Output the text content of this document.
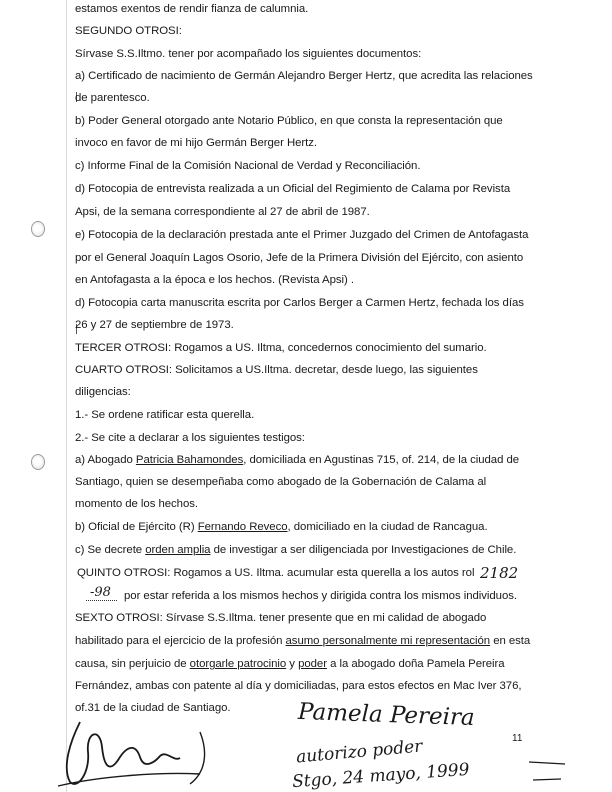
estamos exentos de rendir fianza de calumnia.
SEGUNDO OTROSI:
Sírvase S.S.Iltmo. tener por acompañado los siguientes documentos:
a) Certificado de nacimiento de Germán Alejandro Berger Hertz, que acredita las relaciones
de parentesco.
b) Poder General otorgado ante Notario Público, en que consta la representación que
invoco en favor de mi hijo Germán Berger Hertz.
c) Informe Final de la Comisión Nacional de Verdad y Reconciliación.
d) Fotocopia de entrevista realizada a un Oficial del Regimiento de Calama por Revista
Apsi, de la semana correspondiente al 27 de abril de 1987.
e) Fotocopia de la declaración prestada ante el Primer Juzgado del Crimen de Antofagasta
por el General Joaquín Lagos Osorio, Jefe de la Primera División del Ejército, con asiento
en Antofagasta a la época e los hechos. (Revista Apsi) .
d) Fotocopia carta manuscrita escrita por Carlos Berger a Carmen Hertz, fechada los días
26 y 27 de septiembre de 1973.
TERCER OTROSI: Rogamos a US. Iltma, concedernos conocimiento del sumario.
CUARTO OTROSI: Solicitamos a US.Iltma. decretar, desde luego, las siguientes
diligencias:
1.- Se ordene ratificar esta querella.
2.- Se cite a declarar a los siguientes testigos:
a) Abogado Patricia Bahamondes, domiciliada en Agustinas 715, of. 214, de la ciudad de
Santiago, quien se desempeñaba como abogado de la Gobernación de Calama al
momento de los hechos.
b) Oficial de Ejército (R) Fernando Reveco, domiciliado en la ciudad de Rancagua.
c) Se decrete orden amplia de investigar a ser diligenciada por Investigaciones de Chile.
QUINTO OTROSI: Rogamos a US. Iltma. acumular esta querella a los autos rol
por estar referida a los mismos hechos y dirigida contra los mismos individuos.
SEXTO OTROSI: Sírvase S.S.Iltma. tener presente que en mi calidad de abogado
habilitado para el ejercicio de la profesión asumo personalmente mi representación en esta
causa, sin perjuicio de otorgarle patrocinio y poder a la abogado doña Pamela Pereira
Fernández, ambas con patente al día y domiciliadas, para estos efectos en Mac Iver 376,
of.31 de la ciudad de Santiago.
2182
-98
Pamela Pereira
autorizo poder
Stgo, 24 mayo, 1999
11
